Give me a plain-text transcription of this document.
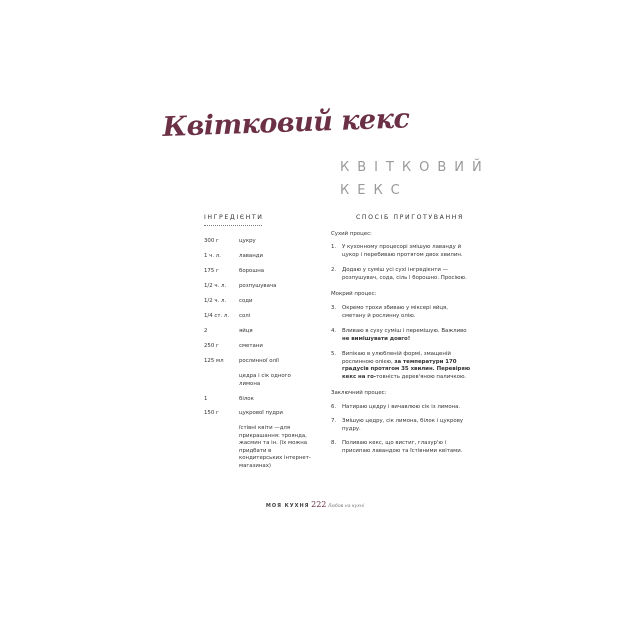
Квітковий кекс
КВІТКОВИЙ
КЕКС
ІНГРЕДІЄНТИ
300 г	цукру
1 ч. л.	лаванди
175 г	борошна
1/2 ч. л.	розпушувача
1/2 ч. л.	соди
1/4 ст. л.	солі
2	яйця
250 г	сметани
125 мл	рослинної олії
цедра і сік одного лимона
1	білок
150 г	цукрової пудри
їстівні квіти —для прикрашання: троянда, жасмин та ін. (їх можна придбати в кондитерських інтернет-магазинах)
СПОСІБ ПРИГОТУВАННЯ
Сухий процес:
1. У кухонному процесорі змішую лаванду й цукор і перебиваю протягом двох хвилин.
2. Додаю у суміш усі сухі інгредієнти — розпушувач, сода, сіль і борошно. Просіюю.
Мокрий процес:
3. Окремо трохи збиваю у міксері яйця, сметану й рослинну олію.
4. Вливаю в суху суміш і перемішую. Важливо не вимішувати довго!
5. Випікаю в улюбленій формі, змащеній рослинною олією, за температури 170 градусів протягом 35 хвилин. Перевіряю кекс на го-товність дерев'яною паличкою.
Заключний процес:
6. Натираю цедру і вичавлюю сік із лимона.
7. Змішую цедру, сік лимона, білок і цукрову пудру.
8. Поливаю кекс, що вистиг, глазур'ю і присипаю лавандою та їстівними квітами.
МОЯ КУХНЯ 222 Любов на кухні
